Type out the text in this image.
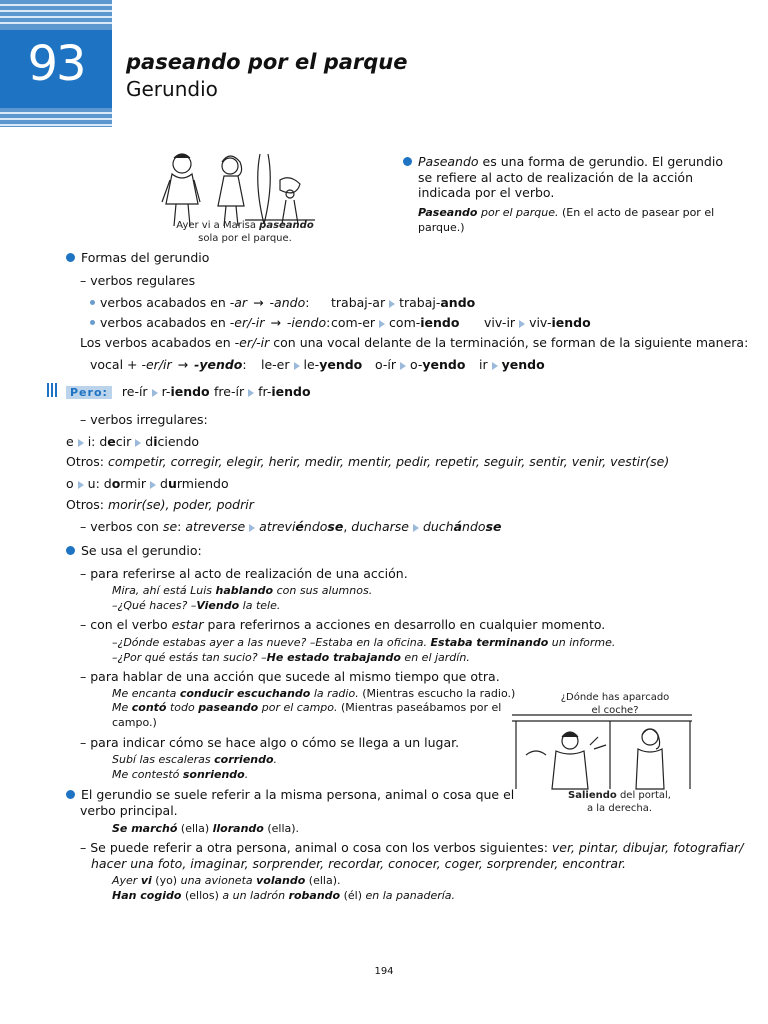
93	paseando por el parque
Gerundio
Ayer vi a Marisa paseando
sola por el parque.
Paseando es una forma de gerundio. El gerundio
se refiere al acto de realización de la acción
indicada por el verbo.
Paseando por el parque. (En el acto de pasear por el
parque.)
Formas del gerundio
– verbos regulares
verbos acabados en -ar → -ando: trabaj-ar trabaj-ando
verbos acabados en -er/-ir → -iendo: com-er com-iendo viv-ir viv-iendo
Los verbos acabados en -er/-ir con una vocal delante de la terminación, se forman de la siguiente manera:
vocal + -er/ir → -yendo: le-er le-yendo o-ír o-yendo ir yendo
Pero: re-ír r-iendo fre-ír fr-iendo
– verbos irregulares:
e i: decir diciendo
Otros: competir, corregir, elegir, herir, medir, mentir, pedir, repetir, seguir, sentir, venir, vestir(se)
o u: dormir durmiendo
Otros: morir(se), poder, podrir
– verbos con se: atreverse atreviéndose, ducharse duchándose
Se usa el gerundio:
– para referirse al acto de realización de una acción.
Mira, ahí está Luis hablando con sus alumnos.
–¿Qué haces? –Viendo la tele.
– con el verbo estar para referirnos a acciones en desarrollo en cualquier momento.
–¿Dónde estabas ayer a las nueve? –Estaba en la oficina. Estaba terminando un informe.
–¿Por qué estás tan sucio? –He estado trabajando en el jardín.
– para hablar de una acción que sucede al mismo tiempo que otra.
Me encanta conducir escuchando la radio. (Mientras escucho la radio.)
Me contó todo paseando por el campo. (Mientras paseábamos por el
campo.)
– para indicar cómo se hace algo o cómo se llega a un lugar.
Subí las escaleras corriendo.
Me contestó sonriendo.
El gerundio se suele referir a la misma persona, animal o cosa que el
verbo principal.
Se marchó (ella) llorando (ella).
– Se puede referir a otra persona, animal o cosa con los verbos siguientes: ver, pintar, dibujar, fotografiar/
hacer una foto, imaginar, sorprender, recordar, conocer, coger, sorprender, encontrar.
Ayer vi (yo) una avioneta volando (ella).
Han cogido (ellos) a un ladrón robando (él) en la panadería.
¿Dónde has aparcado
el coche?
Saliendo del portal,
a la derecha.
194
